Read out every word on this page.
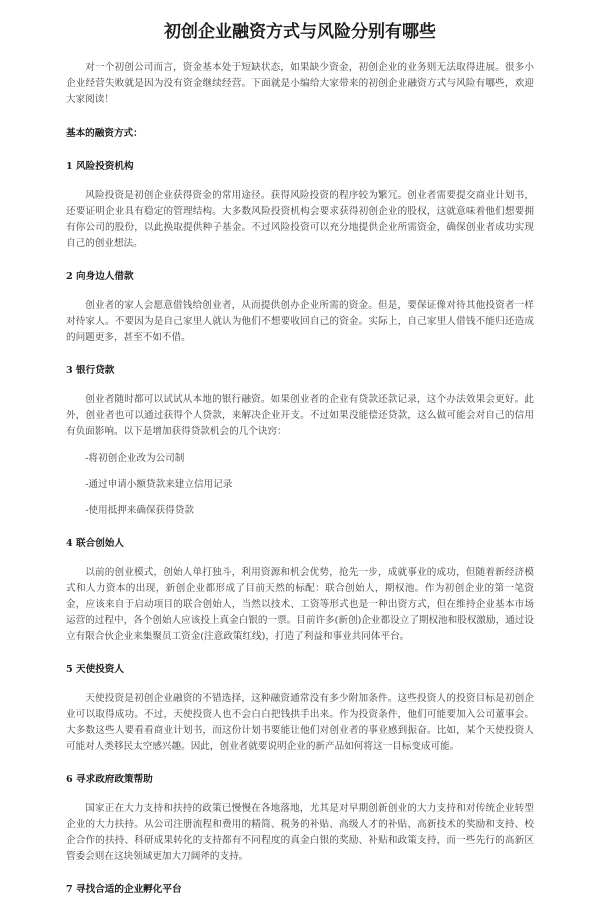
初创企业融资方式与风险分别有哪些

对一个初创公司而言，资金基本处于短缺状态，如果缺少资金，初创企业的业务则无法取得进展。很多小企业经营失败就是因为没有资金继续经营。下面就是小编给大家带来的初创企业融资方式与风险有哪些，欢迎大家阅读！

基本的融资方式：

1 风险投资机构

风险投资是初创企业获得资金的常用途径。获得风险投资的程序较为繁冗。创业者需要提交商业计划书，还要证明企业具有稳定的管理结构。大多数风险投资机构会要求获得初创企业的股权，这就意味着他们想要拥有你公司的股份，以此换取提供种子基金。不过风险投资可以充分地提供企业所需资金，确保创业者成功实现自己的创业想法。

2 向身边人借款

创业者的家人会愿意借钱给创业者，从而提供创办企业所需的资金。但是，要保证像对待其他投资者一样对待家人。不要因为是自己家里人就认为他们不想要收回自己的资金。实际上，自己家里人借钱不能归还造成的问题更多，甚至不如不借。

3 银行贷款

创业者随时都可以试试从本地的银行融资。如果创业者的企业有贷款还款记录，这个办法效果会更好。此外，创业者也可以通过获得个人贷款，来解决企业开支。不过如果没能偿还贷款，这么做可能会对自己的信用有负面影响。以下是增加获得贷款机会的几个诀窍：

-将初创企业改为公司制

-通过申请小额贷款来建立信用记录

-使用抵押来确保获得贷款

4 联合创始人

以前的创业模式，创始人单打独斗，利用资源和机会优势，抢先一步，成就事业的成功，但随着新经济模式和人力资本的出现，新创企业都形成了目前天然的标配：联合创始人，期权池。作为初创企业的第一笔资金，应该来自于启动项目的联合创始人，当然以技术、工资等形式也是一种出资方式，但在维持企业基本市场运营的过程中，各个创始人应该投上真金白银的一票。目前许多(新创)企业都设立了期权池和股权激励，通过设立有限合伙企业来集聚员工资金(注意政策红线)，打造了利益和事业共同体平台。

5 天使投资人

天使投资是初创企业融资的不错选择，这种融资通常没有多少附加条件。这些投资人的投资目标是初创企业可以取得成功。不过，天使投资人也不会白白把钱拱手出来。作为投资条件，他们可能要加入公司董事会。大多数这些人要看看商业计划书，而这份计划书要能让他们对创业者的事业感到振奋。比如，某个天使投资人可能对人类移民太空感兴趣。因此，创业者就要说明企业的新产品如何将这一目标变成可能。

6 寻求政府政策帮助

国家正在大力支持和扶持的政策已慢慢在各地落地，尤其是对早期创新创业的大力支持和对传统企业转型企业的大力扶持。从公司注册流程和费用的精简、税务的补贴、高级人才的补贴、高新技术的奖励和支持、校企合作的扶持、科研成果转化的支持都有不同程度的真金白银的奖励、补贴和政策支持，而一些先行的高新区管委会则在这块领域更加大刀阔斧的支持。

7 寻找合适的企业孵化平台
